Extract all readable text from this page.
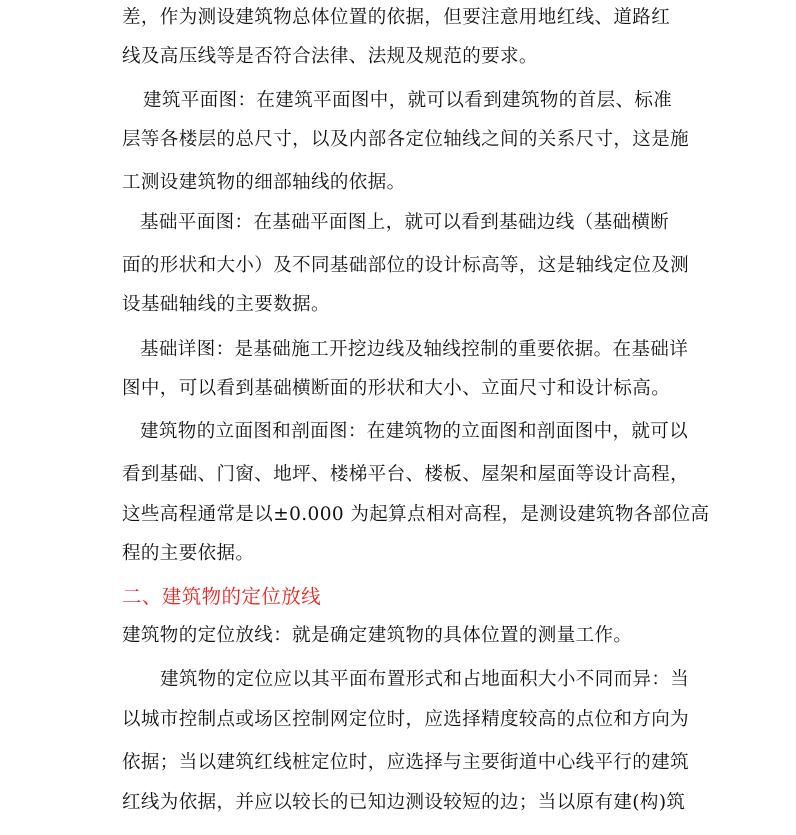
差，作为测设建筑物总体位置的依据，但要注意用地红线、道路红
线及高压线等是否符合法律、法规及规范的要求。
建筑平面图：在建筑平面图中，就可以看到建筑物的首层、标准
层等各楼层的总尺寸，以及内部各定位轴线之间的关系尺寸，这是施
工测设建筑物的细部轴线的依据。
基础平面图：在基础平面图上，就可以看到基础边线（基础横断
面的形状和大小）及不同基础部位的设计标高等，这是轴线定位及测
设基础轴线的主要数据。
基础详图：是基础施工开挖边线及轴线控制的重要依据。在基础详
图中，可以看到基础横断面的形状和大小、立面尺寸和设计标高。
建筑物的立面图和剖面图：在建筑物的立面图和剖面图中，就可以
看到基础、门窗、地坪、楼梯平台、楼板、屋架和屋面等设计高程，
这些高程通常是以±0.000 为起算点相对高程，是测设建筑物各部位高
程的主要依据。
二、建筑物的定位放线
建筑物的定位放线：就是确定建筑物的具体位置的测量工作。
建筑物的定位应以其平面布置形式和占地面积大小不同而异：当
以城市控制点或场区控制网定位时，应选择精度较高的点位和方向为
依据；当以建筑红线桩定位时，应选择与主要街道中心线平行的建筑
红线为依据，并应以较长的已知边测设较短的边；当以原有建(构)筑
